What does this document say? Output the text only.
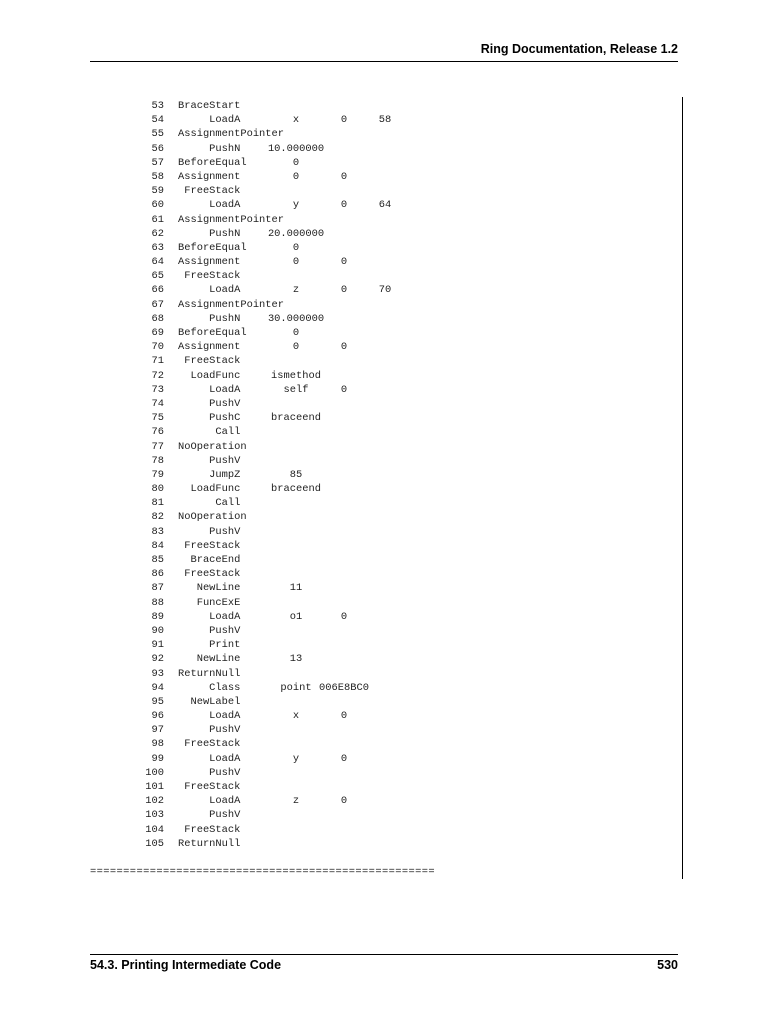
Ring Documentation, Release 1.2
53	BraceStart
54	LoadA	x	0	58
55	AssignmentPointer
56	PushN	10.000000
57	BeforeEqual	0
58	Assignment	0	0
59	FreeStack
60	LoadA	y	0	64
61	AssignmentPointer
62	PushN	20.000000
63	BeforeEqual	0
64	Assignment	0	0
65	FreeStack
66	LoadA	z	0	70
67	AssignmentPointer
68	PushN	30.000000
69	BeforeEqual	0
70	Assignment	0	0
71	FreeStack
72	LoadFunc	ismethod
73	LoadA	self	0
74	PushV
75	PushC	braceend
76	Call
77	NoOperation
78	PushV
79	JumpZ	85
80	LoadFunc	braceend
81	Call
82	NoOperation
83	PushV
84	FreeStack
85	BraceEnd
86	FreeStack
87	NewLine	11
88	FuncExE
89	LoadA	o1	0
90	PushV
91	Print
92	NewLine	13
93	ReturnNull
94	Class	point 006E8BC0
95	NewLabel
96	LoadA	x	0
97	PushV
98	FreeStack
99	LoadA	y	0
100	PushV
101	FreeStack
102	LoadA	z	0
103	PushV
104	FreeStack
105	ReturnNull
====================================================
54.3. Printing Intermediate Code	530
